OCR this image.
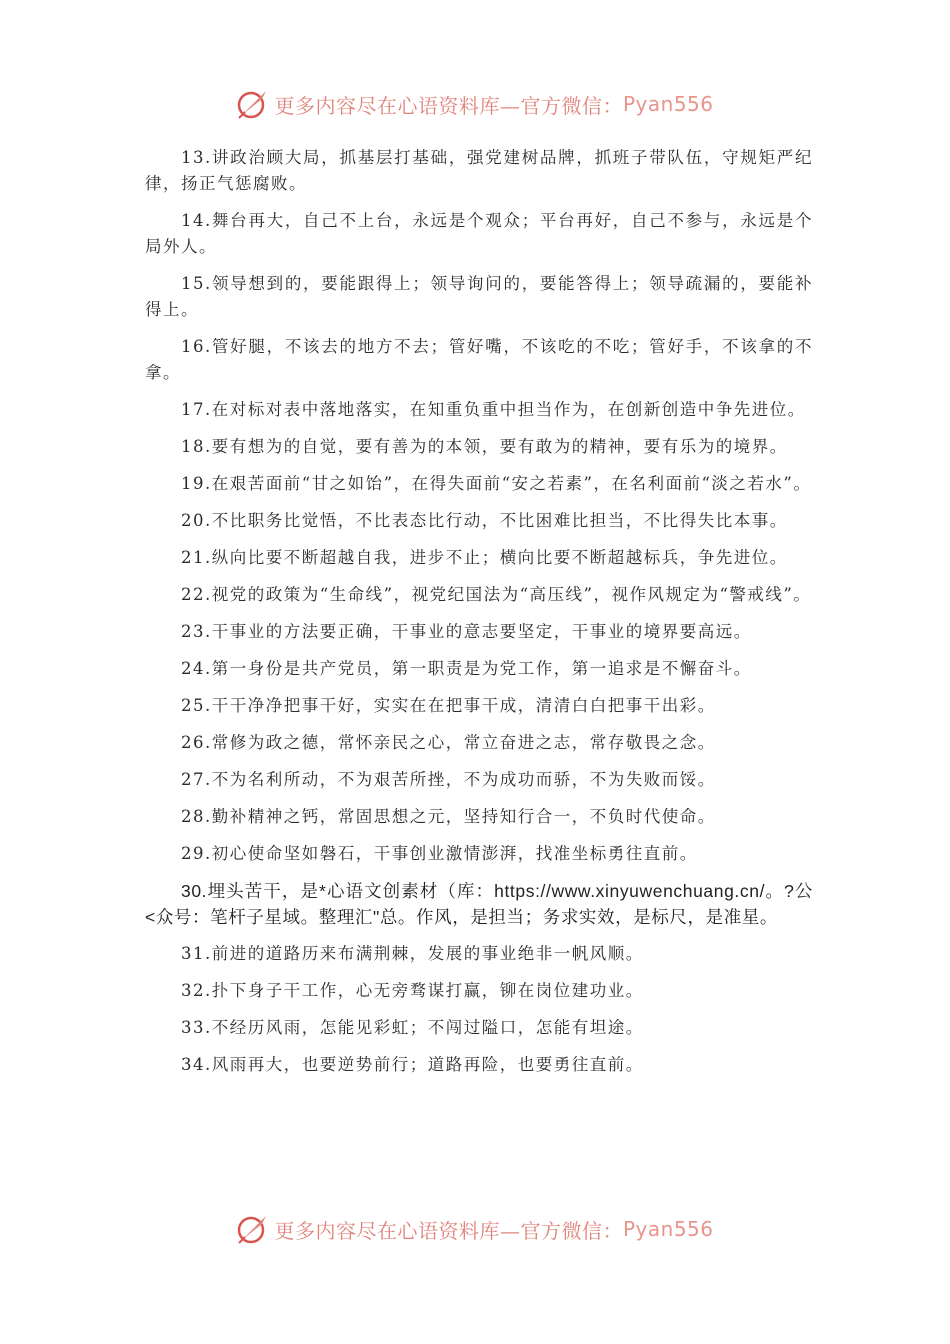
更多内容尽在心语资料库—官方微信： Pyan556

13.讲政治顾大局，抓基层打基础，强党建树品牌，抓班子带队伍，守规矩严纪律，扬正气惩腐败。

14.舞台再大，自己不上台，永远是个观众；平台再好，自己不参与，永远是个局外人。

15.领导想到的，要能跟得上；领导询问的，要能答得上；领导疏漏的，要能补得上。

16.管好腿，不该去的地方不去；管好嘴，不该吃的不吃；管好手，不该拿的不拿。

17.在对标对表中落地落实，在知重负重中担当作为，在创新创造中争先进位。

18.要有想为的自觉，要有善为的本领，要有敢为的精神，要有乐为的境界。

19.在艰苦面前“甘之如饴”，在得失面前“安之若素”，在名利面前“淡之若水”。

20.不比职务比觉悟，不比表态比行动，不比困难比担当，不比得失比本事。

21.纵向比要不断超越自我，进步不止；横向比要不断超越标兵，争先进位。

22.视党的政策为“生命线”，视党纪国法为“高压线”，视作风规定为“警戒线”。

23.干事业的方法要正确，干事业的意志要坚定，干事业的境界要高远。

24.第一身份是共产党员，第一职责是为党工作，第一追求是不懈奋斗。

25.干干净净把事干好，实实在在把事干成，清清白白把事干出彩。

26.常修为政之德，常怀亲民之心，常立奋进之志，常存敬畏之念。

27.不为名利所动，不为艰苦所挫，不为成功而骄，不为失败而馁。

28.勤补精神之钙，常固思想之元，坚持知行合一，不负时代使命。

29.初心使命坚如磐石，干事创业激情澎湃，找准坐标勇往直前。

30.埋头苦干，是*心语文创素材（库：https://www.xinyuwenchuang.cn/。?公<众号：笔杆子星域。整理汇"总。作风，是担当；务求实效，是标尺，是准星。

31.前进的道路历来布满荆棘，发展的事业绝非一帆风顺。

32.扑下身子干工作，心无旁骛谋打赢，铆在岗位建功业。

33.不经历风雨，怎能见彩虹；不闯过隘口，怎能有坦途。

34.风雨再大，也要逆势前行；道路再险，也要勇往直前。

更多内容尽在心语资料库—官方微信： Pyan556
